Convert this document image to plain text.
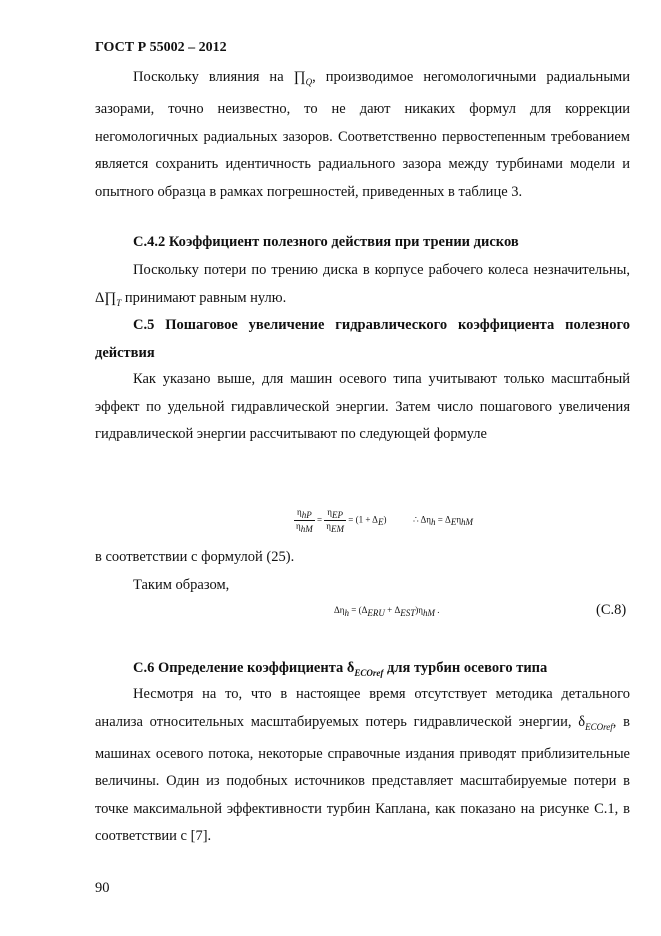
ГОСТ Р 55002 – 2012

Поскольку влияния на $\prod_Q$, производимое негомологичными радиальными зазорами, точно неизвестно, то не дают никаких формул для коррекции негомологичных радиальных зазоров. Соответственно первостепенным требованием является сохранить идентичность радиального зазора между турбинами модели и опытного образца в рамках погрешностей, приведенных в таблице 3.

С.4.2 Коэффициент полезного действия при трении дисков

Поскольку потери по трению диска в корпусе рабочего колеса незначительны, $\Delta\prod_T$ принимают равным нулю.

С.5 Пошаговое увеличение гидравлического коэффициента полезного действия

Как указано выше, для машин осевого типа учитывают только масштабный эффект по удельной гидравлической энергии. Затем число пошагового увеличения гидравлической энергии рассчитывают по следующей формуле

$\frac{\eta_{hP}}{\eta_{hM}} = \frac{\eta_{EP}}{\eta_{EM}} = (1 + \Delta_E)$	∴ $\Delta\eta_h = \Delta_E\eta_{hM}$

в соответствии с формулой (25).

Таким образом,

$\Delta\eta_h = (\Delta_{ERU} + \Delta_{EST})\eta_{hM}$ .	(С.8)

С.6 Определение коэффициента $\delta_{ECOref}$ для турбин осевого типа

Несмотря на то, что в настоящее время отсутствует методика детального анализа относительных масштабируемых потерь гидравлической энергии, $\delta_{ECOref}$, в машинах осевого потока, некоторые справочные издания приводят приблизительные величины. Один из подобных источников представляет масштабируемые потери в точке максимальной эффективности турбин Каплана, как показано на рисунке С.1, в соответствии с [7].

90
